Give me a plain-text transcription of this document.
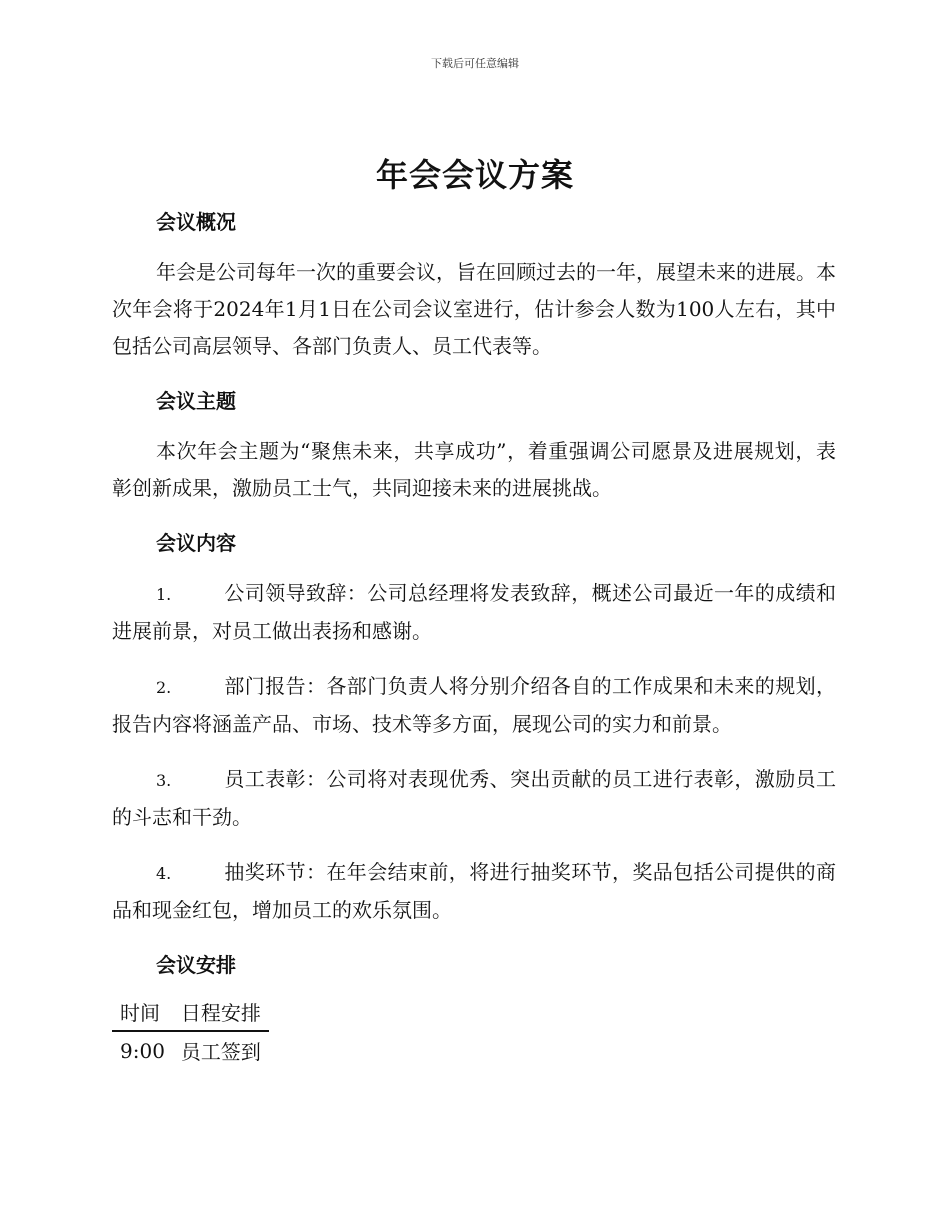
下载后可任意编辑
年会会议方案
会议概况

年会是公司每年一次的重要会议，旨在回顾过去的一年，展望未来的进展。本次年会将于2024年1月1日在公司会议室进行，估计参会人数为100人左右，其中包括公司高层领导、各部门负责人、员工代表等。

会议主题

本次年会主题为“聚焦未来，共享成功”，着重强调公司愿景及进展规划，表彰创新成果，激励员工士气，共同迎接未来的进展挑战。

会议内容
1.	公司领导致辞：公司总经理将发表致辞，概述公司最近一年的成绩和进展前景，对员工做出表扬和感谢。
2.	部门报告：各部门负责人将分别介绍各自的工作成果和未来的规划，报告内容将涵盖产品、市场、技术等多方面，展现公司的实力和前景。
3.	员工表彰：公司将对表现优秀、突出贡献的员工进行表彰，激励员工的斗志和干劲。
4.	抽奖环节：在年会结束前，将进行抽奖环节，奖品包括公司提供的商品和现金红包，增加员工的欢乐氛围。
会议安排
时间	日程安排
9:00	员工签到
